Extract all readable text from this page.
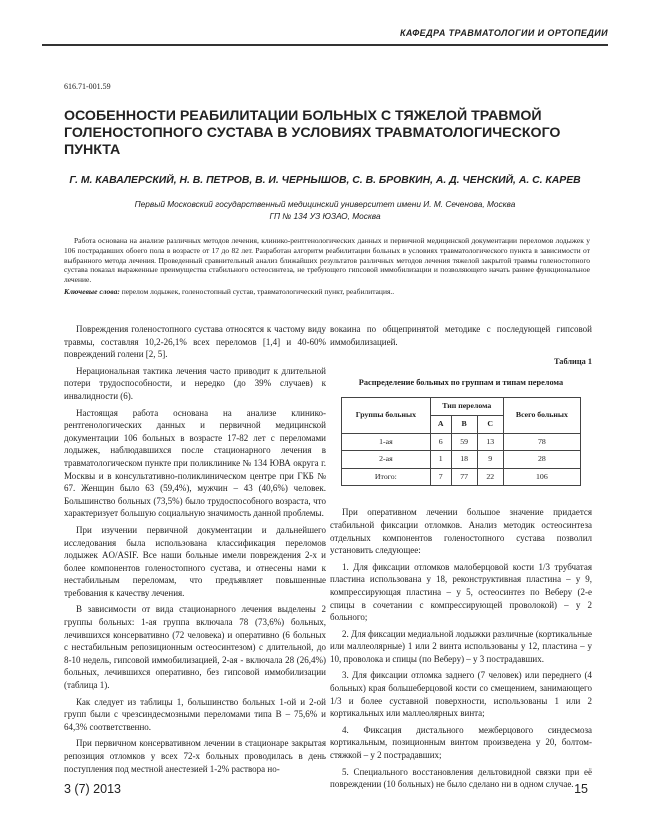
КАФЕДРА ТРАВМАТОЛОГИИ И ОРТОПЕДИИ
616.71-001.59
ОСОБЕННОСТИ РЕАБИЛИТАЦИИ БОЛЬНЫХ С ТЯЖЕЛОЙ ТРАВМОЙ ГОЛЕНОСТОПНОГО СУСТАВА В УСЛОВИЯХ ТРАВМАТОЛОГИЧЕСКОГО ПУНКТА
Г. М. КАВАЛЕРСКИЙ, Н. В. ПЕТРОВ, В. И. ЧЕРНЫШОВ, С. В. БРОВКИН, А. Д. ЧЕНСКИЙ, А. С. КАРЕВ
Первый Московский государственный медицинский университет имени И. М. Сеченова, Москва
ГП № 134 УЗ ЮЗАО, Москва
Работа основана на анализе различных методов лечения, клинико-рентгенологических данных и первичной медицинской документации переломов лодыжек у 106 пострадавших обоего пола в возрасте от 17 до 82 лет. Разработан алгоритм реабилитации больных в условиях травматологического пункта в зависимости от выбранного метода лечения. Проведенный сравнительный анализ ближайших результатов различных методов лечения тяжелой закрытой травмы голеностопного сустава показал выраженные преимущества стабильного остеосинтеза, не требующего гипсовой иммобилизации и позволяющего начать раннее функциональное лечение.
Ключевые слова: перелом лодыжек, голеностопный сустав, травматологический пункт, реабилитация..

Повреждения голеностопного сустава относятся к частому виду травмы, составляя 10,2-26,1% всех переломов [1,4] и 40-60% повреждений голени [2, 5].

Нерациональная тактика лечения часто приводит к длительной потери трудоспособности, и нередко (до 39% случаев) к инвалидности (6).

Настоящая работа основана на анализе клинико-рентгенологических данных и первичной медицинской документации 106 больных в возрасте 17-82 лет с переломами лодыжек, наблюдавшихся после стационарного лечения в травматологическом пункте при поликлинике № 134 ЮВА округа г. Москвы и в консультативно-поликлиническом центре при ГКБ № 67. Женщин было 63 (59,4%), мужчин – 43 (40,6%) человек. Большинство больных (73,5%) было трудоспособного возраста, что характеризует большую социальную значимость данной проблемы.

При изучении первичной документации и дальнейшего исследования была использована классификация переломов лодыжек AO/ASIF. Все наши больные имели повреждения 2-х и более компонентов голеностопного сустава, и отнесены нами к нестабильным переломам, что предъявляет повышенные требования к качеству лечения.

В зависимости от вида стационарного лечения выделены 2 группы больных: 1-ая группа включала 78 (73,6%) больных, лечившихся консервативно (72 человека) и оперативно (6 больных с нестабильным репозиционным остеосинтезом) с длительной, до 8-10 недель, гипсовой иммобилизацией, 2-ая - включала 28 (26,4%) больных, лечившихся оперативно, без гипсовой иммобилизации (таблица 1).

Как следует из таблицы 1, большинство больных 1-ой и 2-ой групп были с чрезсиндесмозными переломами типа В – 75,6% и 64,3% соответственно.

При первичном консервативном лечении в стационаре закрытая репозиция отломков у всех 72-х больных проводилась в день поступления под местной анестезией 1-2% раствора но-

вокаина по общепринятой методике с последующей гипсовой иммобилизацией.

Таблица 1
Распределение больных по группам и типам перелома
Группы больных	Тип перелома			Всего больных
	A	B	C	
1-ая	6	59	13	78
2-ая	1	18	9	28
Итого:	7	77	22	106

При оперативном лечении большое значение придается стабильной фиксации отломков. Анализ методик остеосинтеза отдельных компонентов голеностопного сустава позволил установить следующее:

1. Для фиксации отломков малоберцовой кости 1/3 трубчатая пластина использована у 18, реконструктивная пластина – у 9, компрессирующая пластина – у 5, остеосинтез по Веберу (2-е спицы в сочетании с компрессирующей проволокой) – у 2 больного;

2. Для фиксации медиальной лодыжки различные (кортикальные или маллеолярные) 1 или 2 винта использованы у 12, пластина – у 10, проволока и спицы (по Веберу) – у 3 пострадавших.

3. Для фиксации отломка заднего (7 человек) или переднего (4 больных) края большеберцовой кости со смещением, занимающего 1/3 и более суставной поверхности, использованы 1 или 2 кортикальных или маллеолярных винта;

4. Фиксация дистального межберцового синдесмоза кортикальным, позиционным винтом произведена у 20, болтом-стяжкой – у 2 пострадавших;

5. Специального восстановления дельтовидной связки при её повреждении (10 больных) не было сделано ни в одном случае.

3 (7) 2013	15
